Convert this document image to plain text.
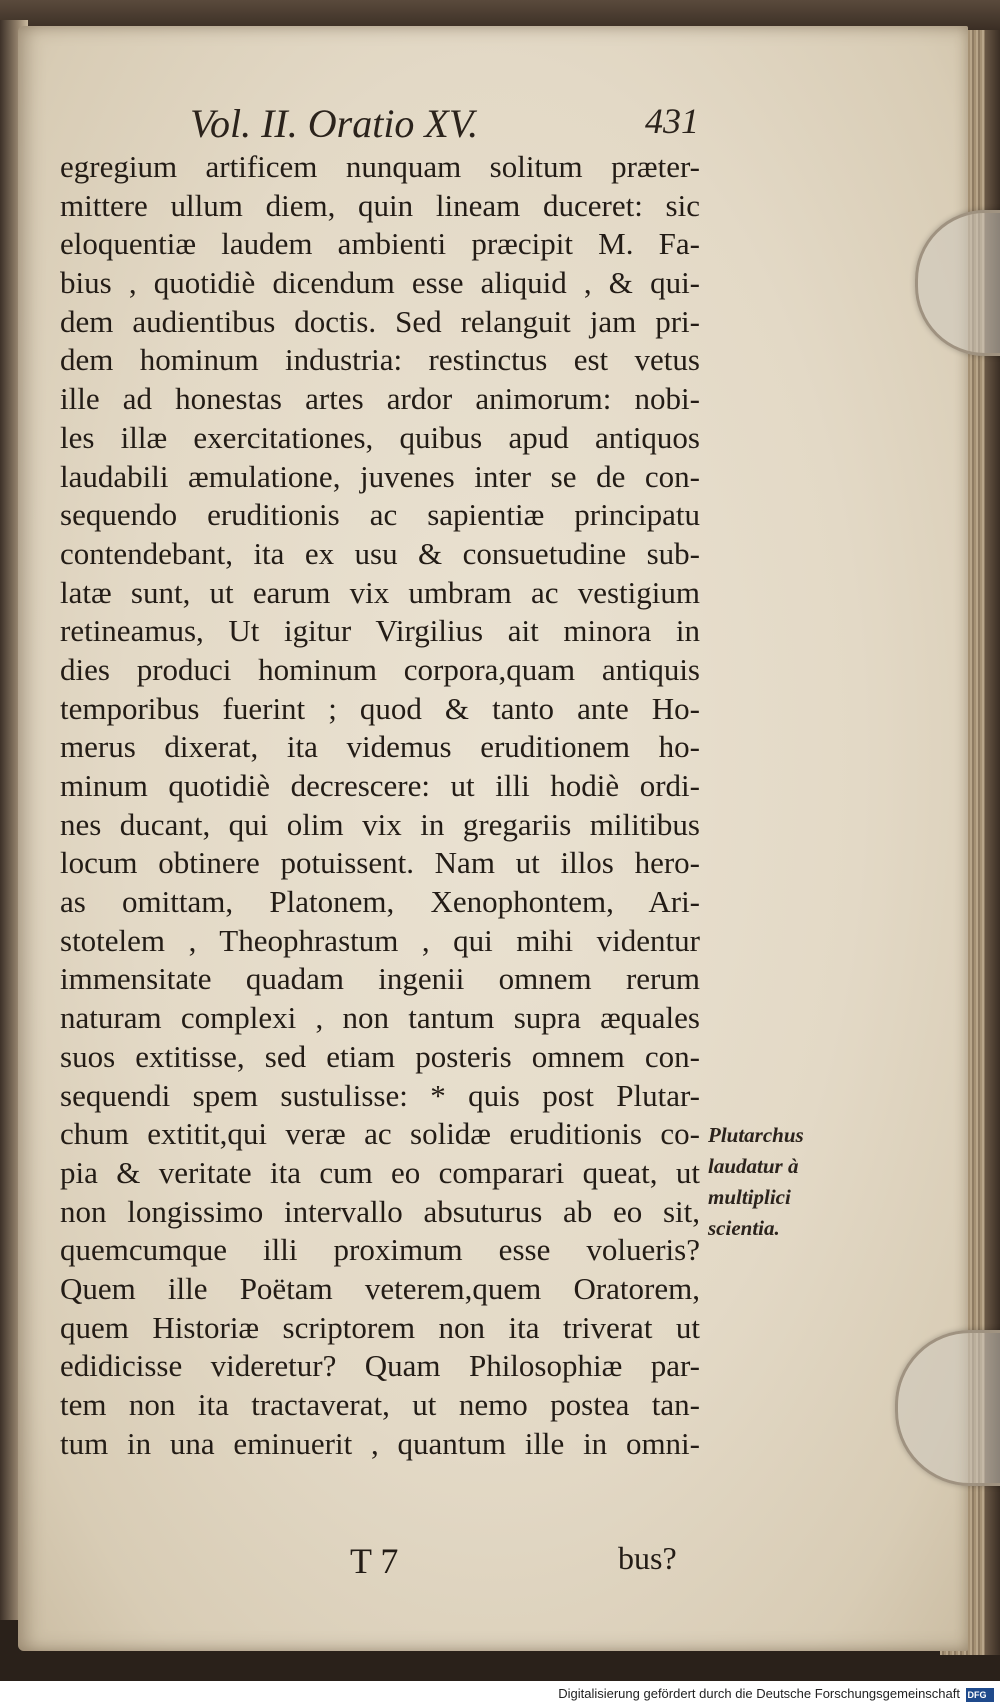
Vol. II. Oratio XV.	431
egregium artificem nunquam solitum præter-
mittere ullum diem, quin lineam duceret: sic
eloquentiæ laudem ambienti præcipit M. Fa-
bius , quotidiè dicendum esse aliquid , & qui-
dem audientibus doctis. Sed relanguit jam pri-
dem hominum industria: restinctus est vetus
ille ad honestas artes ardor animorum: nobi-
les illæ exercitationes, quibus apud antiquos
laudabili æmulatione, juvenes inter se de con-
sequendo eruditionis ac sapientiæ principatu
contendebant, ita ex usu & consuetudine sub-
latæ sunt, ut earum vix umbram ac vestigium
retineamus, Ut igitur Virgilius ait minora in
dies produci hominum corpora,quam antiquis
temporibus fuerint ; quod & tanto ante Ho-
merus dixerat, ita videmus eruditionem ho-
minum quotidiè decrescere: ut illi hodiè ordi-
nes ducant, qui olim vix in gregariis militibus
locum obtinere potuissent. Nam ut illos hero-
as omittam, Platonem, Xenophontem, Ari-
stotelem , Theophrastum , qui mihi videntur
immensitate quadam ingenii omnem rerum
naturam complexi , non tantum supra æquales
suos extitisse, sed etiam posteris omnem con-
sequendi spem sustulisse: * quis post Plutar-
chum extitit,qui veræ ac solidæ eruditionis co-
pia & veritate ita cum eo comparari queat, ut
non longissimo intervallo absuturus ab eo sit,
quemcumque illi proximum esse volueris?
Quem ille Poëtam veterem,quem Oratorem,
quem Historiæ scriptorem non ita triverat ut
edidicisse videretur? Quam Philosophiæ par-
tem non ita tractaverat, ut nemo postea tan-
tum in una eminuerit , quantum ille in omni-
Plutarchus
laudatur à
multiplici
scientia.
T 7	bus?
Digitalisierung gefördert durch die Deutsche Forschungsgemeinschaft DFG
